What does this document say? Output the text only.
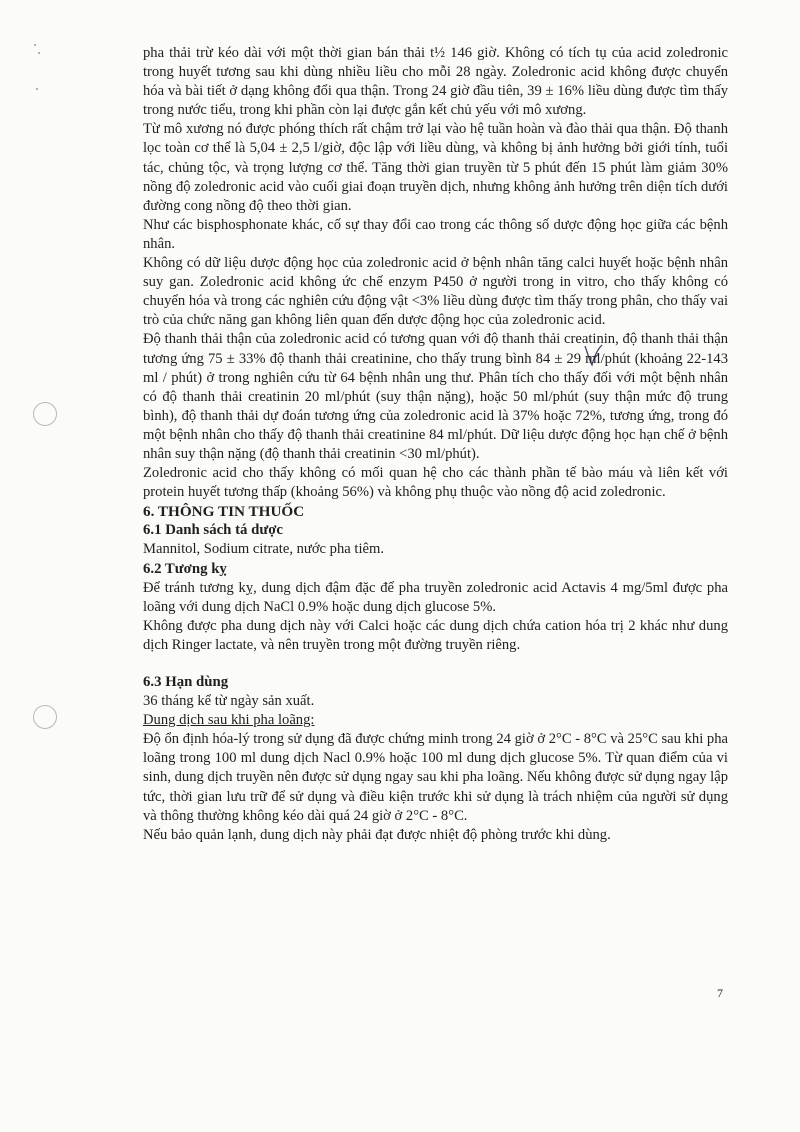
pha thải trừ kéo dài với một thời gian bán thải t½ 146 giờ. Không có tích tụ của acid zoledronic trong huyết tương sau khi dùng nhiều liều cho mỗi 28 ngày. Zoledronic acid không được chuyển hóa và bài tiết ở dạng không đổi qua thận. Trong 24 giờ đầu tiên, 39 ± 16% liều dùng được tìm thấy trong nước tiểu, trong khi phần còn lại được gắn kết chủ yếu với mô xương.

Từ mô xương nó được phóng thích rất chậm trở lại vào hệ tuần hoàn và đào thải qua thận. Độ thanh lọc toàn cơ thể là 5,04 ± 2,5 l/giờ, độc lập với liều dùng, và không bị ảnh hưởng bởi giới tính, tuổi tác, chủng tộc, và trọng lượng cơ thể. Tăng thời gian truyền từ 5 phút đến 15 phút làm giảm 30% nồng độ zoledronic acid vào cuối giai đoạn truyền dịch, nhưng không ảnh hưởng trên diện tích dưới đường cong nồng độ theo thời gian.

Như các bisphosphonate khác, cố sự thay đổi cao trong các thông số dược động học giữa các bệnh nhân.

Không có dữ liệu dược động học của zoledronic acid ở bệnh nhân tăng calci huyết hoặc bệnh nhân suy gan. Zoledronic acid không ức chế enzym P450 ở người trong in vitro, cho thấy không có chuyển hóa và trong các nghiên cứu động vật <3% liều dùng được tìm thấy trong phân, cho thấy vai trò của chức năng gan không liên quan đến dược động học của zoledronic acid.

Độ thanh thải thận của zoledronic acid có tương quan với độ thanh thải creatinin, độ thanh thải thận tương ứng 75 ± 33% độ thanh thải creatinine, cho thấy trung bình 84 ± 29 ml/phút (khoảng 22-143 ml / phút) ở trong nghiên cứu từ 64 bệnh nhân ung thư. Phân tích cho thấy đối với một bệnh nhân có độ thanh thải creatinin 20 ml/phút (suy thận nặng), hoặc 50 ml/phút (suy thận mức độ trung bình), độ thanh thải dự đoán tương ứng của zoledronic acid là 37% hoặc 72%, tương ứng, trong đó một bệnh nhân cho thấy độ thanh thải creatinine 84 ml/phút. Dữ liệu dược động học hạn chế ở bệnh nhân suy thận nặng (độ thanh thải creatinin <30 ml/phút).

Zoledronic acid cho thấy không có mối quan hệ cho các thành phần tế bào máu và liên kết với protein huyết tương thấp (khoảng 56%) và không phụ thuộc vào nồng độ acid zoledronic.

6. THÔNG TIN THUỐC

6.1 Danh sách tá dược

Mannitol, Sodium citrate, nước pha tiêm.

6.2 Tương kỵ

Để tránh tương kỵ, dung dịch đậm đặc để pha truyền zoledronic acid Actavis 4 mg/5ml được pha loãng với dung dịch NaCl 0.9% hoặc dung dịch glucose 5%.

Không được pha dung dịch này với Calci hoặc các dung dịch chứa cation hóa trị 2 khác như dung dịch Ringer lactate, và nên truyền trong một đường truyền riêng.

6.3 Hạn dùng

36 tháng kể từ ngày sản xuất.

Dung dịch sau khi pha loãng:

Độ ổn định hóa-lý trong sử dụng đã được chứng minh trong 24 giờ ở 2°C - 8°C và 25°C sau khi pha loãng trong 100 ml dung dịch Nacl 0.9% hoặc 100 ml dung dịch glucose 5%. Từ quan điểm của vi sinh, dung dịch truyền nên được sử dụng ngay sau khi pha loãng. Nếu không được sử dụng ngay lập tức, thời gian lưu trữ để sử dụng và điều kiện trước khi sử dụng là trách nhiệm của người sử dụng và thông thường không kéo dài quá 24 giờ ở 2°C - 8°C.

Nếu bảo quản lạnh, dung dịch này phải đạt được nhiệt độ phòng trước khi dùng.

7
